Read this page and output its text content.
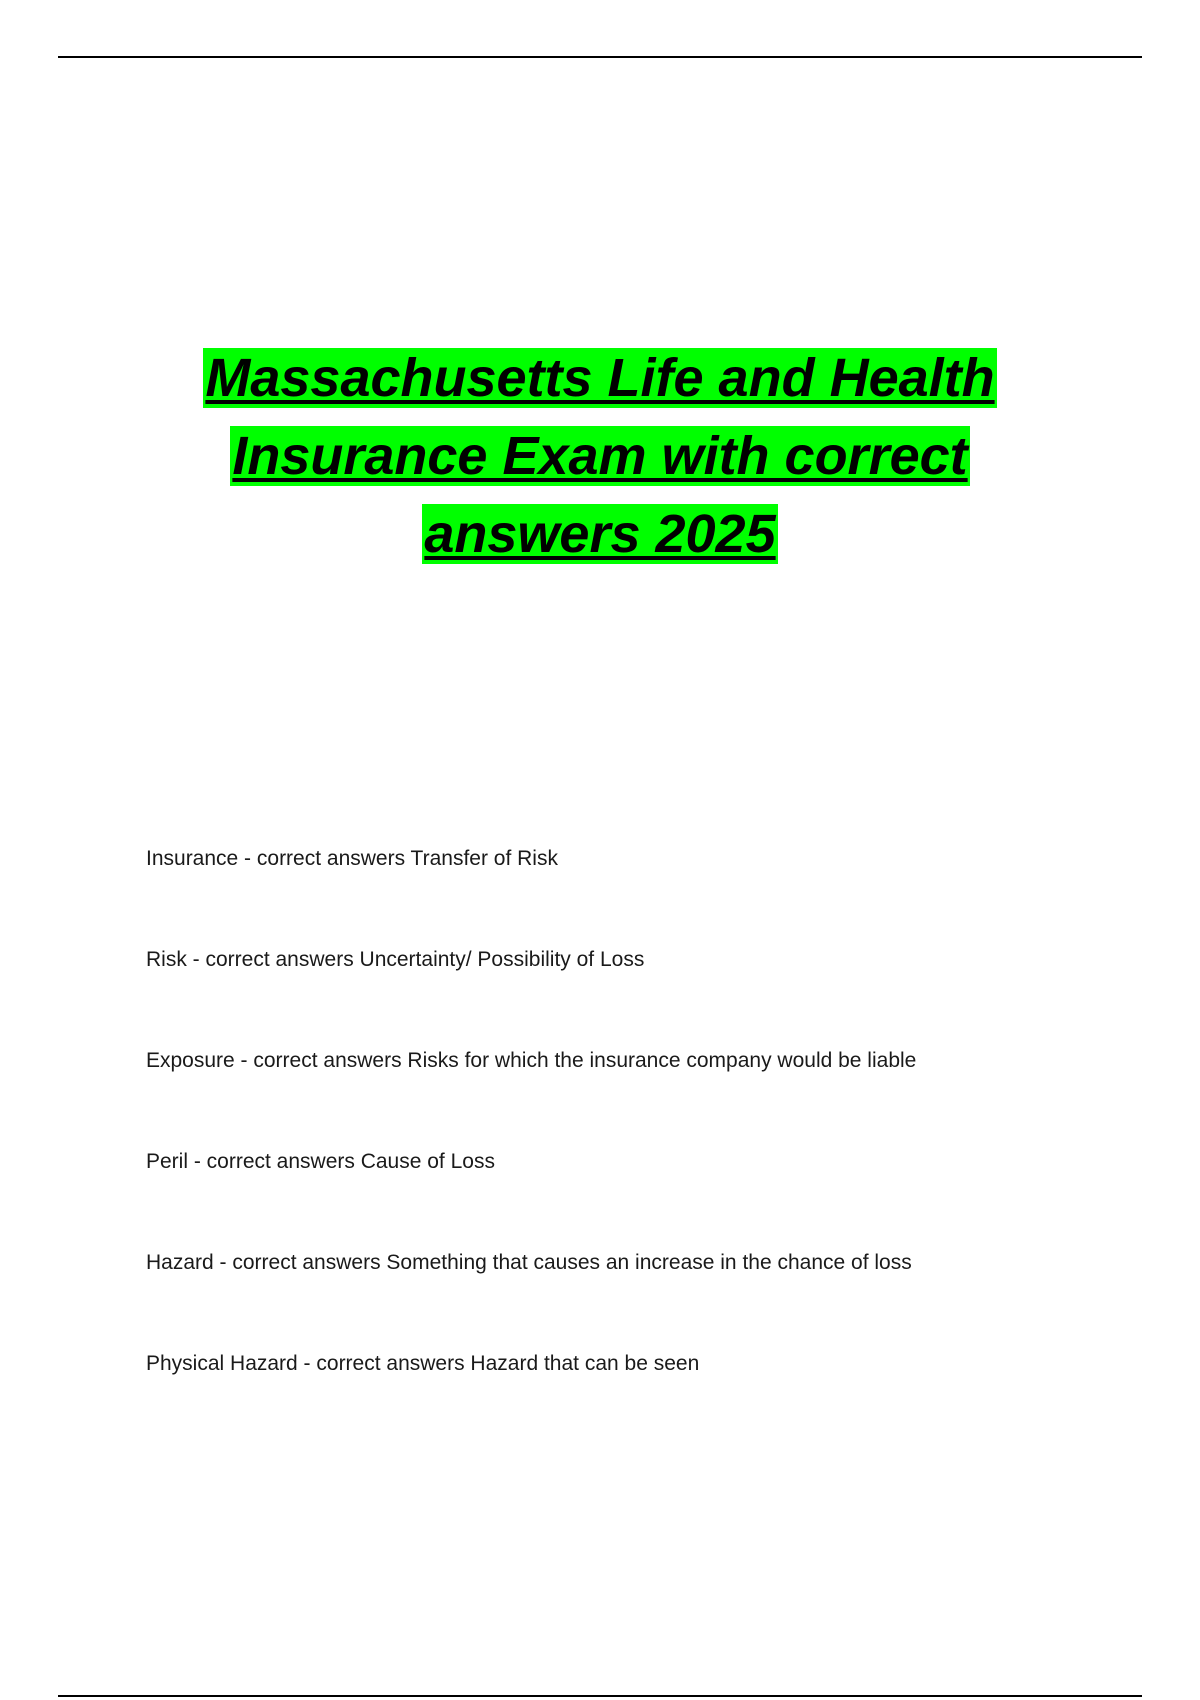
Massachusetts Life and Health
Insurance Exam with correct
answers 2025
Insurance - correct answers Transfer of Risk
Risk - correct answers Uncertainty/ Possibility of Loss
Exposure - correct answers Risks for which the insurance company would be liable
Peril - correct answers Cause of Loss
Hazard - correct answers Something that causes an increase in the chance of loss
Physical Hazard - correct answers Hazard that can be seen
